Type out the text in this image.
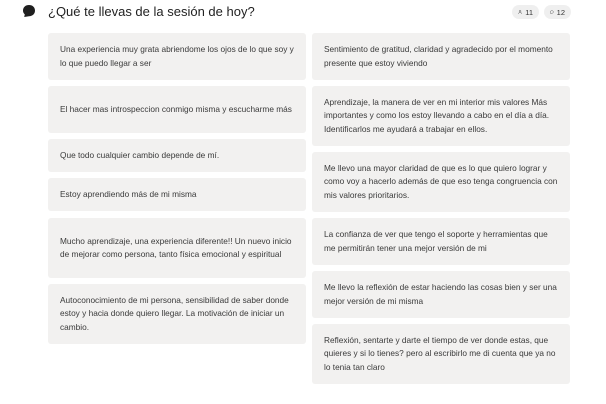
¿Qué te llevas de la sesión de hoy?	11	12
Una experiencia muy grata abriendome los ojos de lo que soy y lo que puedo llegar a ser
El hacer mas introspeccion conmigo misma y escucharme más
Que todo cualquier cambio depende de mí.
Estoy aprendiendo más de mi misma
Mucho aprendizaje, una experiencia diferente!! Un nuevo inicio de mejorar como persona, tanto física emocional y espiritual
Autoconocimiento de mi persona, sensibilidad de saber donde estoy y hacia donde quiero llegar. La motivación de iniciar un cambio.
Sentimiento de gratitud, claridad y agradecido por el momento presente que estoy viviendo
Aprendizaje, la manera de ver en mi interior mis valores Más importantes y como los estoy llevando a cabo en el día a día. Identificarlos me ayudará a trabajar en ellos.
Me llevo una mayor claridad de que es lo que quiero lograr y como voy a hacerlo además de que eso tenga congruencia con mis valores prioritarios.
La confianza de ver que tengo el soporte y herramientas que me permitirán tener una mejor versión de mi
Me llevo la reflexión de estar haciendo las cosas bien y ser una mejor versión de mi misma
Reflexión, sentarte y darte el tiempo de ver donde estas, que quieres y si lo tienes? pero al escribirlo me di cuenta que ya no lo tenia tan claro
